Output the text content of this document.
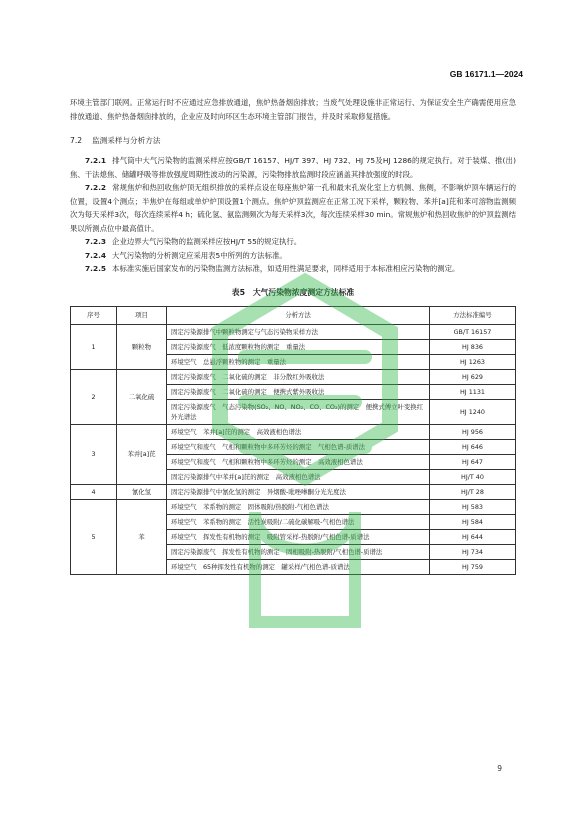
GB 16171.1—2024

环境主管部门联网。正常运行时不应通过应急排放通道，焦炉热备烟囱排放；当废气处理设施非正常运行、为保证安全生产确需使用应急排放通道、焦炉热备烟囱排放的，企业应及时向环区生态环境主管部门报告，并及时采取修复措施。

7.2 监测采样与分析方法

7.2.1 排气筒中大气污染物的监测采样应按GB/T 16157、HJ/T 397、HJ 732、HJ 75及HJ 1286的规定执行。对于装煤、推(出)焦、干法熄焦、储罐呼吸等排放强度周期性波动的污染源，污染物排放监测时段应涵盖其排放强度的时段。

7.2.2 常规焦炉和热回收焦炉顶无组织排放的采样点设在每座焦炉第一孔和最末孔炭化室上方机侧、焦侧，不影响炉顶车辆运行的位置，设置4个测点；半焦炉在每组或单炉炉顶设置1个测点。焦炉炉顶监测应在正常工况下采样，颗粒物、苯并[a]芘和苯可溶物监测频次为每天采样3次，每次连续采样4 h；硫化氢、氨监测频次为每天采样3次，每次连续采样30 min。常规焦炉和热回收焦炉的炉顶监测结果以所测点位中最高值计。

7.2.3 企业边界大气污染物的监测采样应按HJ/T 55的规定执行。

7.2.4 大气污染物的分析测定应采用表5中所列的方法标准。

7.2.5 本标准实施后国家发布的污染物监测方法标准，如适用性满足要求，同样适用于本标准相应污染物的测定。

表5　大气污染物浓度测定方法标准
序号	项目	分析方法	方法标准编号
1	颗粒物	固定污染源排气中颗粒物测定与气态污染物采样方法	GB/T 16157
		固定污染源废气　低浓度颗粒物的测定　重量法	HJ 836
		环境空气　总悬浮颗粒物的测定　重量法	HJ 1263
2	二氧化硫	固定污染源废气　二氧化硫的测定　非分散红外吸收法	HJ 629
		固定污染源废气　二氧化硫的测定　便携式紫外吸收法	HJ 1131
		固定污染源废气　气态污染物(SO₂、NO、NO₂、CO、CO₂)的测定　便携式傅立叶变换红外光谱法	HJ 1240
3	苯并[a]芘	环境空气　苯并[a]芘的测定　高效液相色谱法	HJ 956
		环境空气和废气　气相和颗粒物中多环芳烃的测定　气相色谱-质谱法	HJ 646
		环境空气和废气　气相和颗粒物中多环芳烃的测定　高效液相色谱法	HJ 647
		固定污染源排气中苯并[a]芘的测定　高效液相色谱法	HJ/T 40
4	氰化氢	固定污染源排气中氰化氢的测定　异烟酸-吡唑啉酮分光光度法	HJ/T 28
5	苯	环境空气　苯系物的测定　固体吸附/热脱附-气相色谱法	HJ 583
		环境空气　苯系物的测定　活性炭吸附/二硫化碳解吸-气相色谱法	HJ 584
		环境空气　挥发性有机物的测定　吸附管采样-热脱附/气相色谱-质谱法	HJ 644
		固定污染源废气　挥发性有机物的测定　固相吸附-热脱附/气相色谱-质谱法	HJ 734
		环境空气　65种挥发性有机物的测定　罐采样/气相色谱-质谱法	HJ 759
9
